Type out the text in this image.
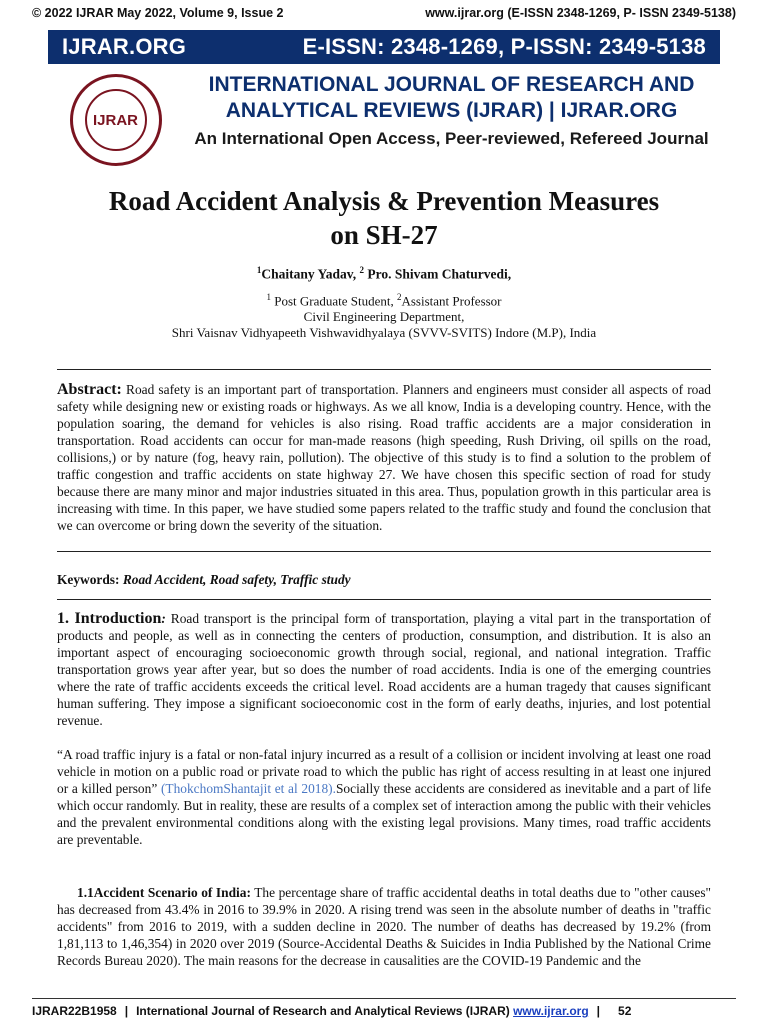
© 2022 IJRAR May 2022, Volume 9, Issue 2	www.ijrar.org (E-ISSN 2348-1269, P- ISSN 2349-5138)
IJRAR.ORG	E-ISSN: 2348-1269, P-ISSN: 2349-5138
IJRAR
INTERNATIONAL JOURNAL OF RESEARCH AND
ANALYTICAL REVIEWS (IJRAR) | IJRAR.ORG
An International Open Access, Peer-reviewed, Refereed Journal
Road Accident Analysis & Prevention Measures
on SH-27
$^1$Chaitany Yadav, $^2$ Pro. Shivam Chaturvedi,
$^1$ Post Graduate Student, $^2$Assistant Professor
Civil Engineering Department,
Shri Vaisnav Vidhyapeeth Vishwavidhyalaya (SVVV-SVITS) Indore (M.P), India
Abstract: Road safety is an important part of transportation. Planners and engineers must consider all aspects of road safety while designing new or existing roads or highways. As we all know, India is a developing country. Hence, with the population soaring, the demand for vehicles is also rising. Road traffic accidents are a major consideration in transportation. Road accidents can occur for man-made reasons (high speeding, Rush Driving, oil spills on the road, collisions,) or by nature (fog, heavy rain, pollution). The objective of this study is to find a solution to the problem of traffic congestion and traffic accidents on state highway 27. We have chosen this specific section of road for study because there are many minor and major industries situated in this area. Thus, population growth in this particular area is increasing with time. In this paper, we have studied some papers related to the traffic study and found the conclusion that we can overcome or bring down the severity of the situation.
Keywords: Road Accident, Road safety, Traffic study
1. Introduction: Road transport is the principal form of transportation, playing a vital part in the transportation of products and people, as well as in connecting the centers of production, consumption, and distribution. It is also an important aspect of encouraging socioeconomic growth through social, regional, and national integration. Traffic transportation grows year after year, but so does the number of road accidents. India is one of the emerging countries where the rate of traffic accidents exceeds the critical level. Road accidents are a human tragedy that causes significant human suffering. They impose a significant socioeconomic cost in the form of early deaths, injuries, and lost potential revenue.
“A road traffic injury is a fatal or non-fatal injury incurred as a result of a collision or incident involving at least one road vehicle in motion on a public road or private road to which the public has right of access resulting in at least one injured or a killed person” (ThokchomShantajit et al 2018).Socially these accidents are considered as inevitable and a part of life which occur randomly. But in reality, these are results of a complex set of interaction among the public with their vehicles and the prevalent environmental conditions along with the existing legal provisions. Many times, road traffic accidents are preventable.
1.1Accident Scenario of India: The percentage share of traffic accidental deaths in total deaths due to "other causes" has decreased from 43.4% in 2016 to 39.9% in 2020. A rising trend was seen in the absolute number of deaths in "traffic accidents" from 2016 to 2019, with a sudden decline in 2020. The number of deaths has decreased by 19.2% (from 1,81,113 to 1,46,354) in 2020 over 2019 (Source-Accidental Deaths & Suicides in India Published by the National Crime Records Bureau 2020). The main reasons for the decrease in causalities are the COVID-19 Pandemic and the
IJRAR22B1958 | International Journal of Research and Analytical Reviews (IJRAR)
www.ijrar.org | 52
